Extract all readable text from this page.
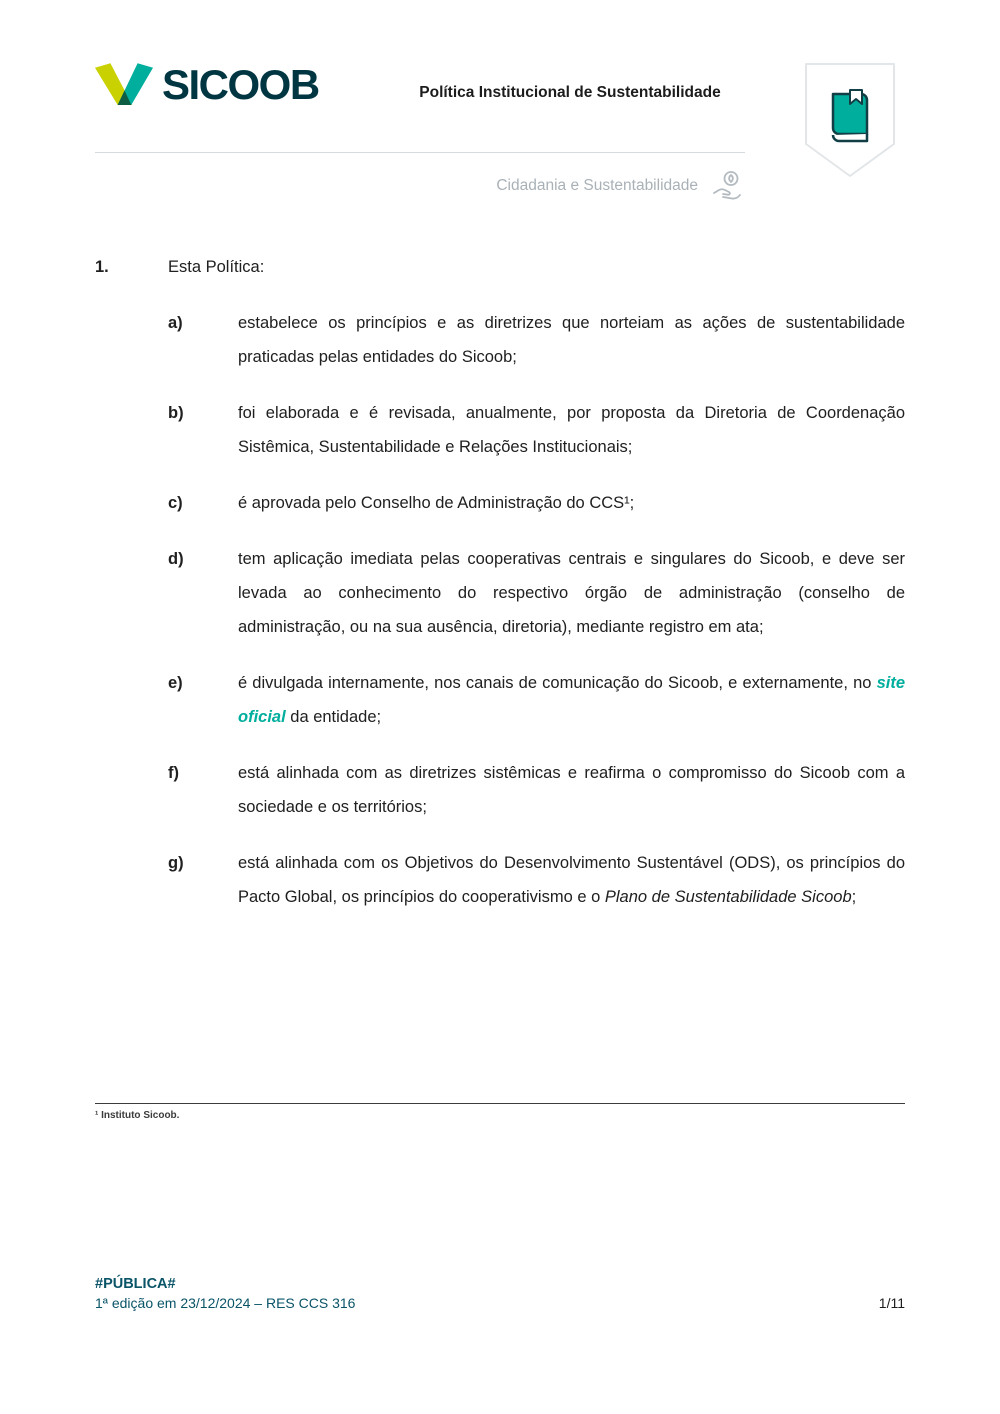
SICOOB	Política Institucional de Sustentabilidade
Cidadania e Sustentabilidade
1.	Esta Política:
a)	estabelece os princípios e as diretrizes que norteiam as ações de sustentabilidade praticadas pelas entidades do Sicoob;

b)	foi elaborada e é revisada, anualmente, por proposta da Diretoria de Coordenação Sistêmica, Sustentabilidade e Relações Institucionais;

c)	é aprovada pelo Conselho de Administração do CCS¹;

d)	tem aplicação imediata pelas cooperativas centrais e singulares do Sicoob, e deve ser levada ao conhecimento do respectivo órgão de administração (conselho de administração, ou na sua ausência, diretoria), mediante registro em ata;

e)	é divulgada internamente, nos canais de comunicação do Sicoob, e externamente, no site oficial da entidade;

f)	está alinhada com as diretrizes sistêmicas e reafirma o compromisso do Sicoob com a sociedade e os territórios;

g)	está alinhada com os Objetivos do Desenvolvimento Sustentável (ODS), os princípios do Pacto Global, os princípios do cooperativismo e o Plano de Sustentabilidade Sicoob;

¹ Instituto Sicoob.
#PÚBLICA#
1ª edição em 23/12/2024 – RES CCS 316	1/11
